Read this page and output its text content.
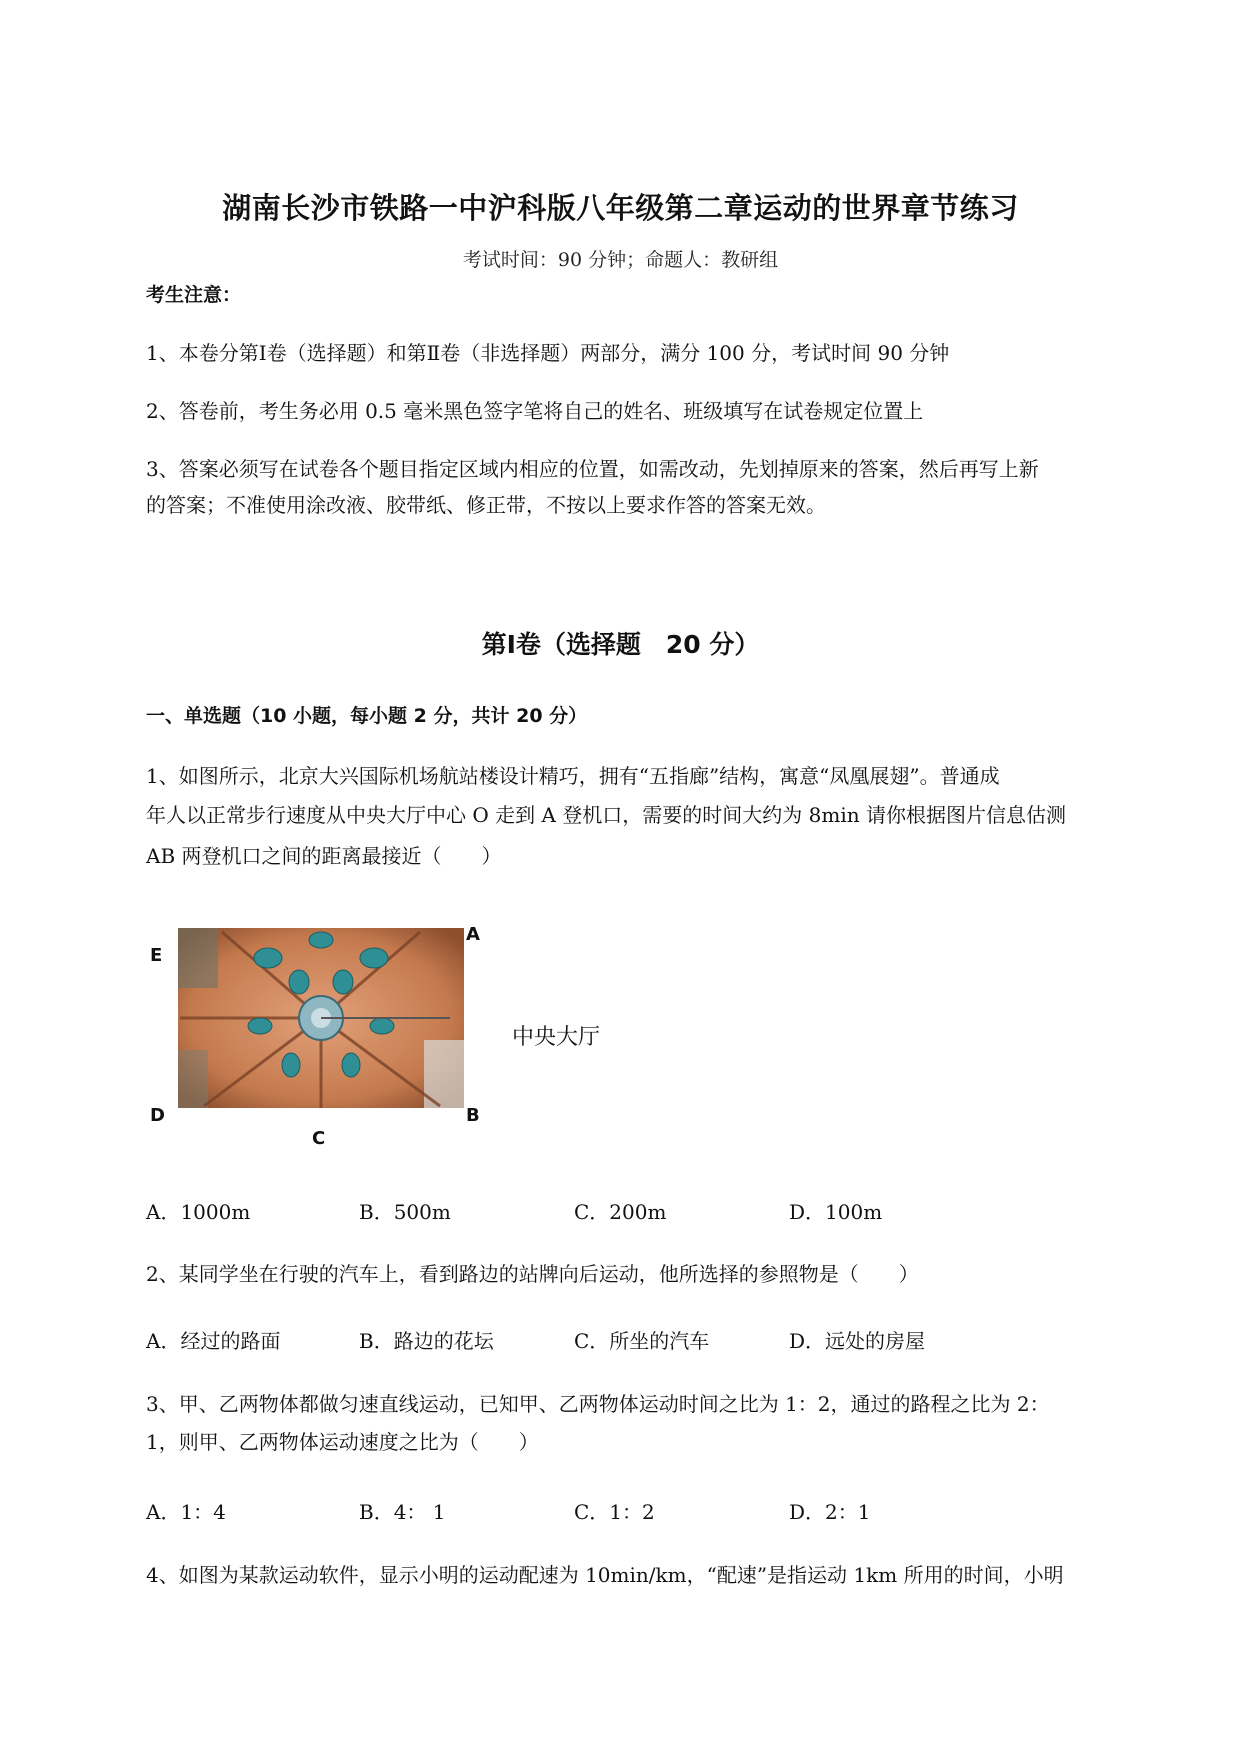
湖南长沙市铁路一中沪科版八年级第二章运动的世界章节练习
考试时间：90 分钟；命题人：教研组
考生注意：
1、本卷分第Ⅰ卷（选择题）和第Ⅱ卷（非选择题）两部分，满分 100 分，考试时间 90 分钟
2、答卷前，考生务必用 0.5 毫米黑色签字笔将自己的姓名、班级填写在试卷规定位置上
3、答案必须写在试卷各个题目指定区域内相应的位置，如需改动，先划掉原来的答案，然后再写上新
的答案；不准使用涂改液、胶带纸、修正带，不按以上要求作答的答案无效。
第Ⅰ卷（选择题　20 分）
一、单选题（10 小题，每小题 2 分，共计 20 分）
1、如图所示，北京大兴国际机场航站楼设计精巧，拥有“五指廊”结构，寓意“凤凰展翅”。普通成
年人以正常步行速度从中央大厅中心 O 走到 A 登机口，需要的时间大约为 8min 请你根据图片信息估测
AB 两登机口之间的距离最接近（　　）
E
A
D	B
C
中央大厅
A．1000m	B．500m	C．200m	D．100m
2、某同学坐在行驶的汽车上，看到路边的站牌向后运动，他所选择的参照物是（　　）
A．经过的路面	B．路边的花坛	C．所坐的汽车	D．远处的房屋
3、甲、乙两物体都做匀速直线运动，已知甲、乙两物体运动时间之比为 1：2，通过的路程之比为 2：
1，则甲、乙两物体运动速度之比为（　　）
A．1：4	B．4： 1	C．1：2	D．2：1
4、如图为某款运动软件，显示小明的运动配速为 10min/km，“配速”是指运动 1km 所用的时间，小明
